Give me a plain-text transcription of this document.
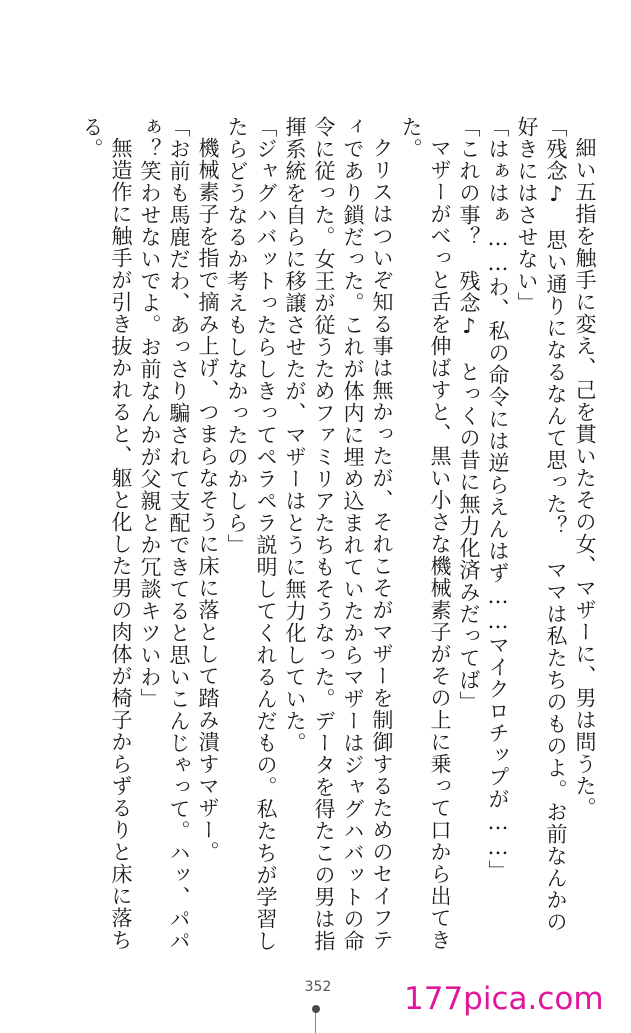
細い五指を触手に変え、己を貫いたその女、マザーに、男は問うた。

「残念♪　思い通りになるなんて思った？　ママは私たちのものよ。お前なんかの好きにはさせない」

「はぁはぁ……わ、私の命令には逆らえんはず……マイクロチップが……」

「これの事？　残念♪　とっくの昔に無力化済みだってば」

マザーがべっと舌を伸ばすと、黒い小さな機械素子がその上に乗って口から出てきた。

クリスはついぞ知る事は無かったが、それこそがマザーを制御するためのセイフティであり鎖だった。これが体内に埋め込まれていたからマザーはジャグハバットの命令に従った。女王が従うためファミリアたちもそうなった。データを得たこの男は指揮系統を自らに移譲させたが、マザーはとうに無力化していた。

「ジャグハバットったらしきってペラペラ説明してくれるんだもの。私たちが学習したらどうなるか考えもしなかったのかしら」

機械素子を指で摘み上げ、つまらなそうに床に落として踏み潰すマザー。

「お前も馬鹿だわ、あっさり騙されて支配できてると思いこんじゃって。ハッ、パパぁ？笑わせないでよ。お前なんかが父親とか冗談キツいわ」

無造作に触手が引き抜かれると、躯と化した男の肉体が椅子からずるりと床に落ちる。

352 177pica.com
